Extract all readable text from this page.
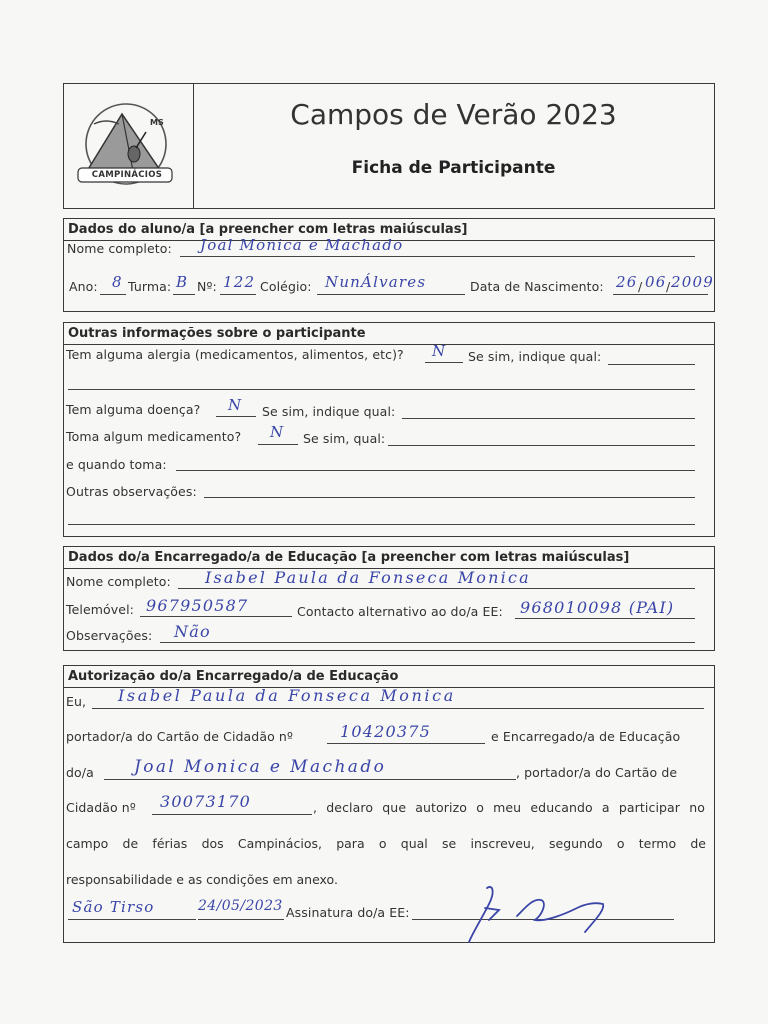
CAMPINÁCIOS
MS	Campos de Verão 2023
Ficha de Participante
Dados do aluno/a [a preencher com letras maiúsculas]
Nome completo: Joal Monica e Machado
Ano: 8 Turma: B Nº: 122 Colégio: NunÁlvares	Data de Nascimento: 26 / 06 / 2009
Outras informações sobre o participante
Tem alguma alergia (medicamentos, alimentos, etc)? N Se sim, indique qual:
Tem alguma doença? N Se sim, indique qual:
Toma algum medicamento? N Se sim, qual:
e quando toma:
Outras observações:
Dados do/a Encarregado/a de Educação [a preencher com letras maiúsculas]
Nome completo: Isabel Paula da Fonseca Monica
Telemóvel: 967950587	Contacto alternativo ao do/a EE: 968010098 (PAI)
Observações: Não
Autorização do/a Encarregado/a de Educação
Eu, Isabel Paula da Fonseca Monica
portador/a do Cartão de Cidadão nº	10420375	e Encarregado/a de Educação
do/a Joal Monica e Machado	, portador/a do Cartão de
Cidadão nº 30073170	, declaro que autorizo o meu educando a participar no
campo de férias dos Campinácios, para o qual se inscreveu, segundo o termo de
responsabilidade e as condições em anexo.
São Tirso	24/05/2023 Assinatura do/a EE:
